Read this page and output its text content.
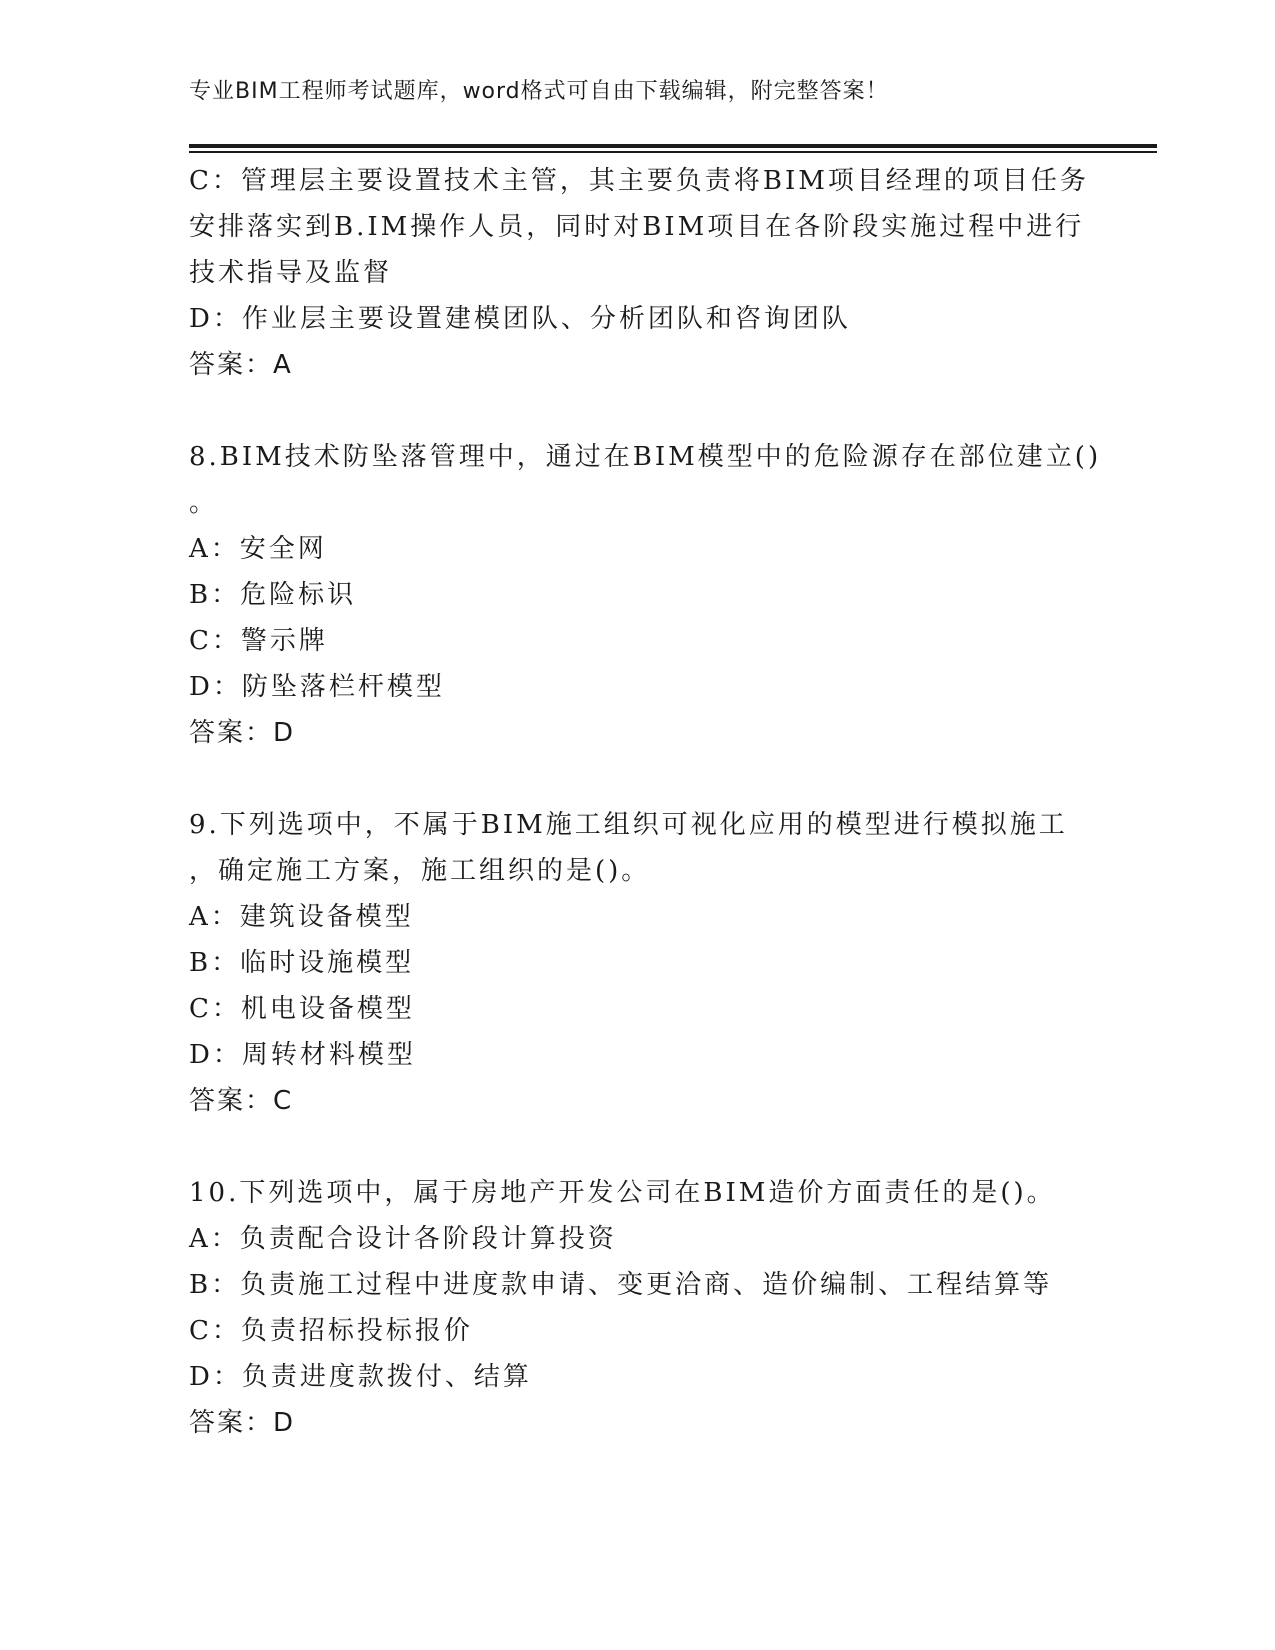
专业BIM工程师考试题库，word格式可自由下载编辑，附完整答案！
C：管理层主要设置技术主管，其主要负责将BIM项目经理的项目任务
安排落实到B.IM操作人员，同时对BIM项目在各阶段实施过程中进行
技术指导及监督
D：作业层主要设置建模团队、分析团队和咨询团队
答案：A
8.BIM技术防坠落管理中，通过在BIM模型中的危险源存在部位建立()
。
A：安全网
B：危险标识
C：警示牌
D：防坠落栏杆模型
答案：D
9.下列选项中，不属于BIM施工组织可视化应用的模型进行模拟施工
，确定施工方案，施工组织的是()。
A：建筑设备模型
B：临时设施模型
C：机电设备模型
D：周转材料模型
答案：C
10.下列选项中，属于房地产开发公司在BIM造价方面责任的是()。
A：负责配合设计各阶段计算投资
B：负责施工过程中进度款申请、变更洽商、造价编制、工程结算等
C：负责招标投标报价
D：负责进度款拨付、结算
答案：D
